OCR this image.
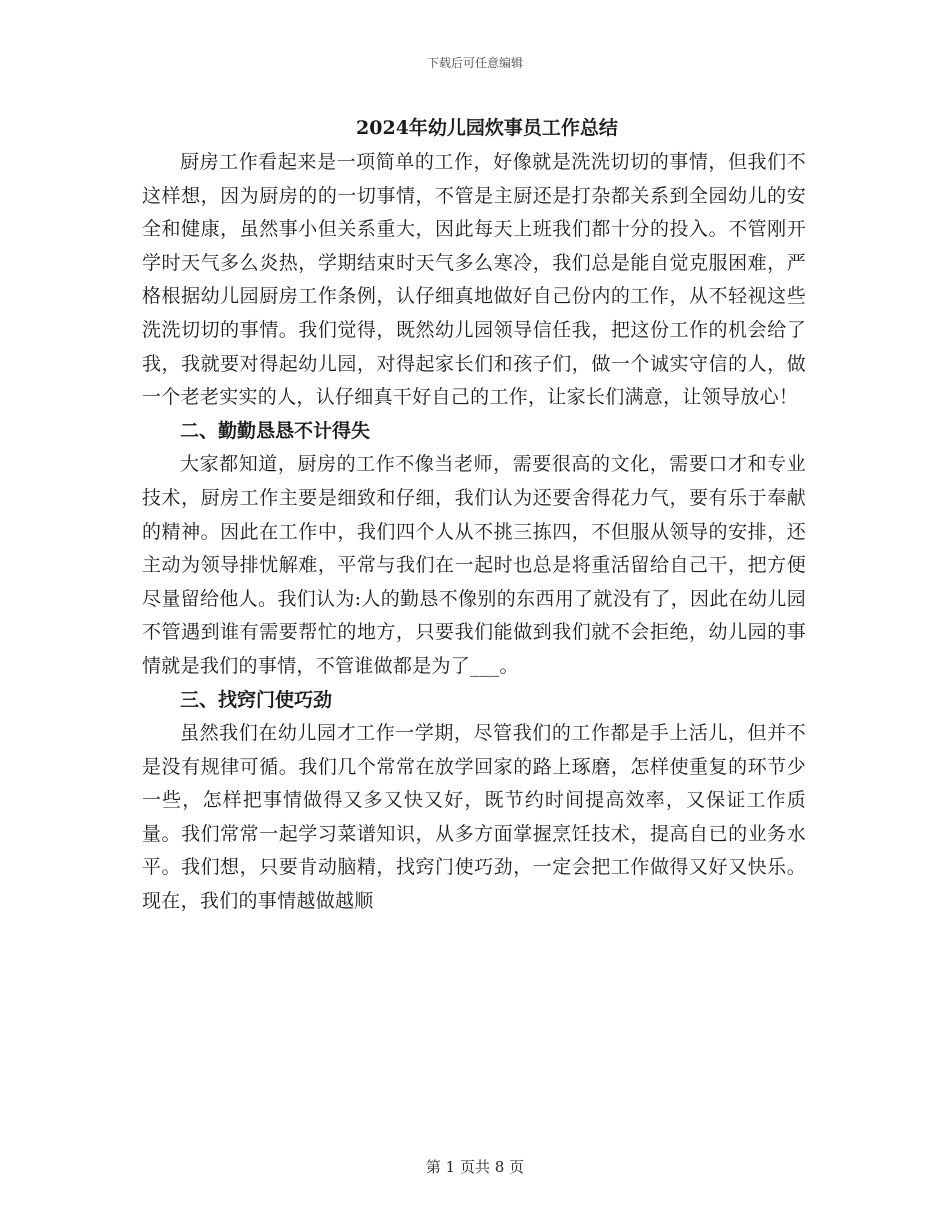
下载后可任意编辑
2024年幼儿园炊事员工作总结

厨房工作看起来是一项简单的工作，好像就是洗洗切切的事情，但我们不这样想，因为厨房的的一切事情，不管是主厨还是打杂都关系到全园幼儿的安全和健康，虽然事小但关系重大，因此每天上班我们都十分的投入。不管刚开学时天气多么炎热，学期结束时天气多么寒冷，我们总是能自觉克服困难，严格根据幼儿园厨房工作条例，认仔细真地做好自己份内的工作，从不轻视这些洗洗切切的事情。我们觉得，既然幼儿园领导信任我，把这份工作的机会给了我，我就要对得起幼儿园，对得起家长们和孩子们，做一个诚实守信的人，做一个老老实实的人，认仔细真干好自己的工作，让家长们满意，让领导放心！

二、勤勤恳恳不计得失

大家都知道，厨房的工作不像当老师，需要很高的文化，需要口才和专业技术，厨房工作主要是细致和仔细，我们认为还要舍得花力气，要有乐于奉献的精神。因此在工作中，我们四个人从不挑三拣四，不但服从领导的安排，还主动为领导排忧解难，平常与我们在一起时也总是将重活留给自己干，把方便尽量留给他人。我们认为:人的勤恳不像别的东西用了就没有了，因此在幼儿园不管遇到谁有需要帮忙的地方，只要我们能做到我们就不会拒绝，幼儿园的事情就是我们的事情，不管谁做都是为了___。

三、找窍门使巧劲

虽然我们在幼儿园才工作一学期，尽管我们的工作都是手上活儿，但并不是没有规律可循。我们几个常常在放学回家的路上琢磨，怎样使重复的环节少一些，怎样把事情做得又多又快又好，既节约时间提高效率，又保证工作质量。我们常常一起学习菜谱知识，从多方面掌握烹饪技术，提高自已的业务水平。我们想，只要肯动脑精，找窍门使巧劲，一定会把工作做得又好又快乐。现在，我们的事情越做越顺

第 1 页共 8 页
